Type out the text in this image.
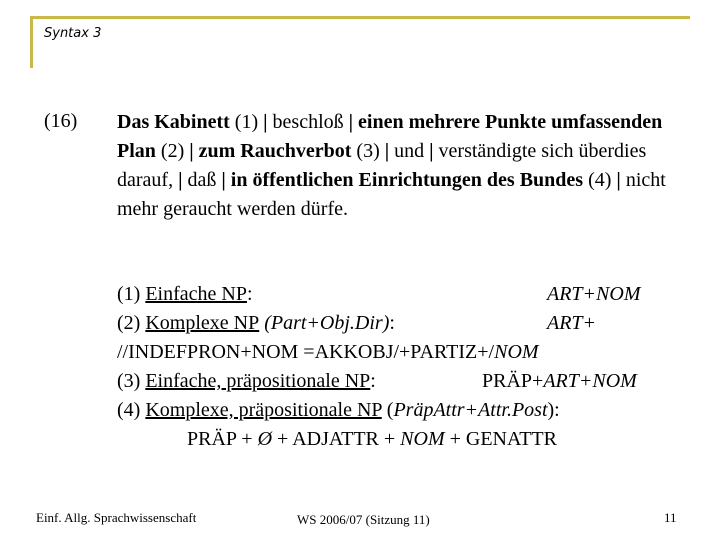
Syntax 3
(16) Das Kabinett (1) | beschloß | einen mehrere Punkte umfassenden Plan (2) | zum Rauchverbot (3) | und | verständigte sich überdies darauf, | daß | in öffentlichen Einrichtungen des Bundes (4) | nicht mehr geraucht werden dürfe.
(1) Einfache NP:	ART+NOM
(2) Komplexe NP (Part+Obj.Dir):	ART+
//INDEFPRON+NOM =AKKOBJ/+PARTIZ+/NOM
(3) Einfache, präpositionale NP:	PRÄP+ART+NOM
(4) Komplexe, präpositionale NP (PräpAttr+Attr.Post):
PRÄP + Ø + ADJATTR + NOM + GENATTR
Einf. Allg. Sprachwissenschaft	WS 2006/07 (Sitzung 11)	11
